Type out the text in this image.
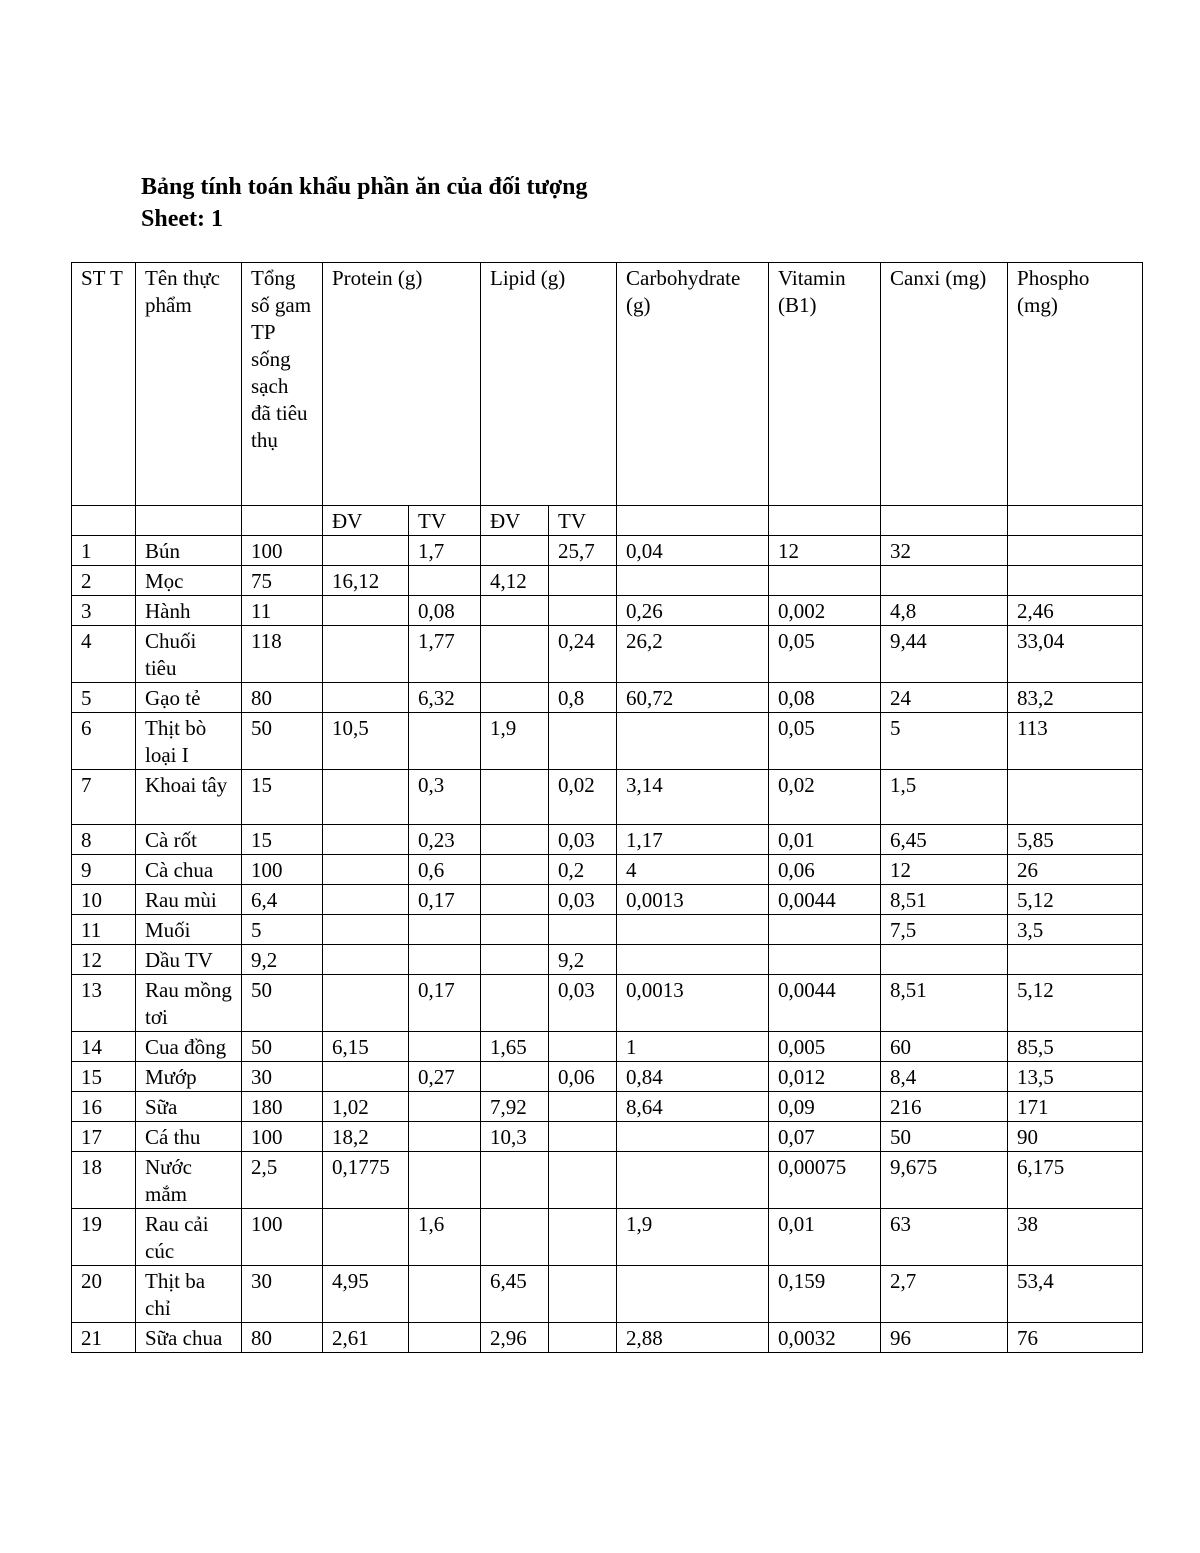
Bảng tính toán khẩu phần ăn của đối tượng
Sheet: 1
ST T	Tên thực phẩm	Tổng số gam TP sống sạch đã tiêu thụ	Protein (g)		Lipid (g)		Carbohydrate (g)	Vitamin (B1)	Canxi (mg)	Phospho (mg)
			ĐV	TV	ĐV	TV				
1	Bún	100		1,7		25,7	0,04	12	32	
2	Mọc	75	16,12		4,12					
3	Hành	11		0,08			0,26	0,002	4,8	2,46
4	Chuối tiêu	118		1,77		0,24	26,2	0,05	9,44	33,04
5	Gạo tẻ	80		6,32		0,8	60,72	0,08	24	83,2
6	Thịt bò loại I	50	10,5		1,9			0,05	5	113
7	Khoai tây	15		0,3		0,02	3,14	0,02	1,5	
8	Cà rốt	15		0,23		0,03	1,17	0,01	6,45	5,85
9	Cà chua	100		0,6		0,2	4	0,06	12	26
10	Rau mùi	6,4		0,17		0,03	0,0013	0,0044	8,51	5,12
11	Muối	5							7,5	3,5
12	Dầu TV	9,2				9,2				
13	Rau mồng tơi	50		0,17		0,03	0,0013	0,0044	8,51	5,12
14	Cua đồng	50	6,15		1,65		1	0,005	60	85,5
15	Mướp	30		0,27		0,06	0,84	0,012	8,4	13,5
16	Sữa	180	1,02		7,92		8,64	0,09	216	171
17	Cá thu	100	18,2		10,3			0,07	50	90
18	Nước mắm	2,5	0,1775					0,00075	9,675	6,175
19	Rau cải cúc	100		1,6			1,9	0,01	63	38
20	Thịt ba chỉ	30	4,95		6,45			0,159	2,7	53,4
21	Sữa chua	80	2,61		2,96		2,88	0,0032	96	76
